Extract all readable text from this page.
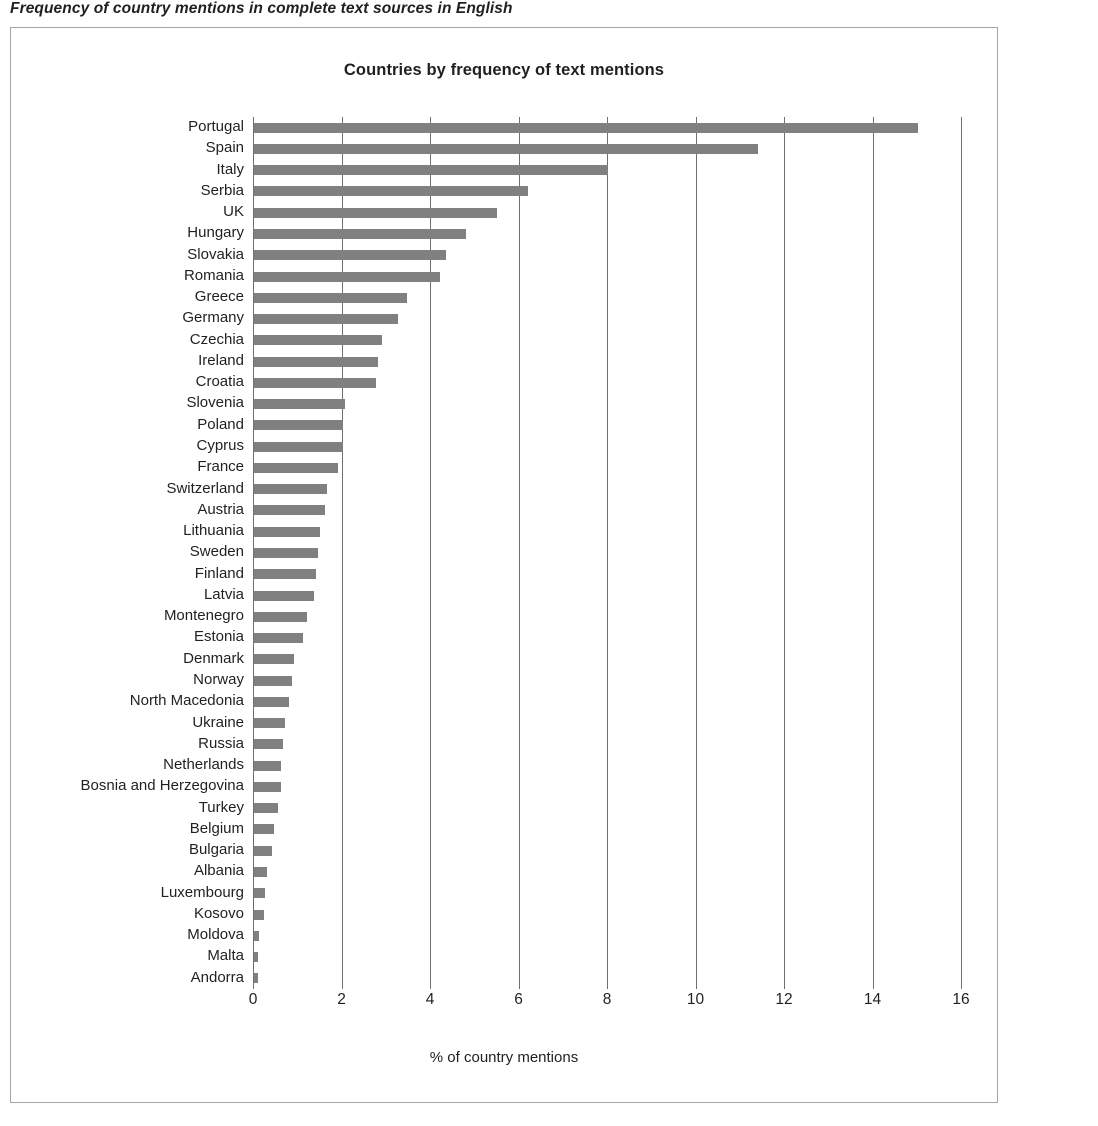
Frequency of country mentions in complete text sources in English
Countries by frequency of text mentions
Portugal
Spain
Italy
Serbia
UK
Hungary
Slovakia
Romania
Greece
Germany
Czechia
Ireland
Croatia
Slovenia
Poland
Cyprus
France
Switzerland
Austria
Lithuania
Sweden
Finland
Latvia
Montenegro
Estonia
Denmark
Norway
North Macedonia
Ukraine
Russia
Netherlands
Bosnia and Herzegovina
Turkey
Belgium
Bulgaria
Albania
Luxembourg
Kosovo
Moldova
Malta
Andorra
0	2	4	6	8	10	12	14	16
% of country mentions
